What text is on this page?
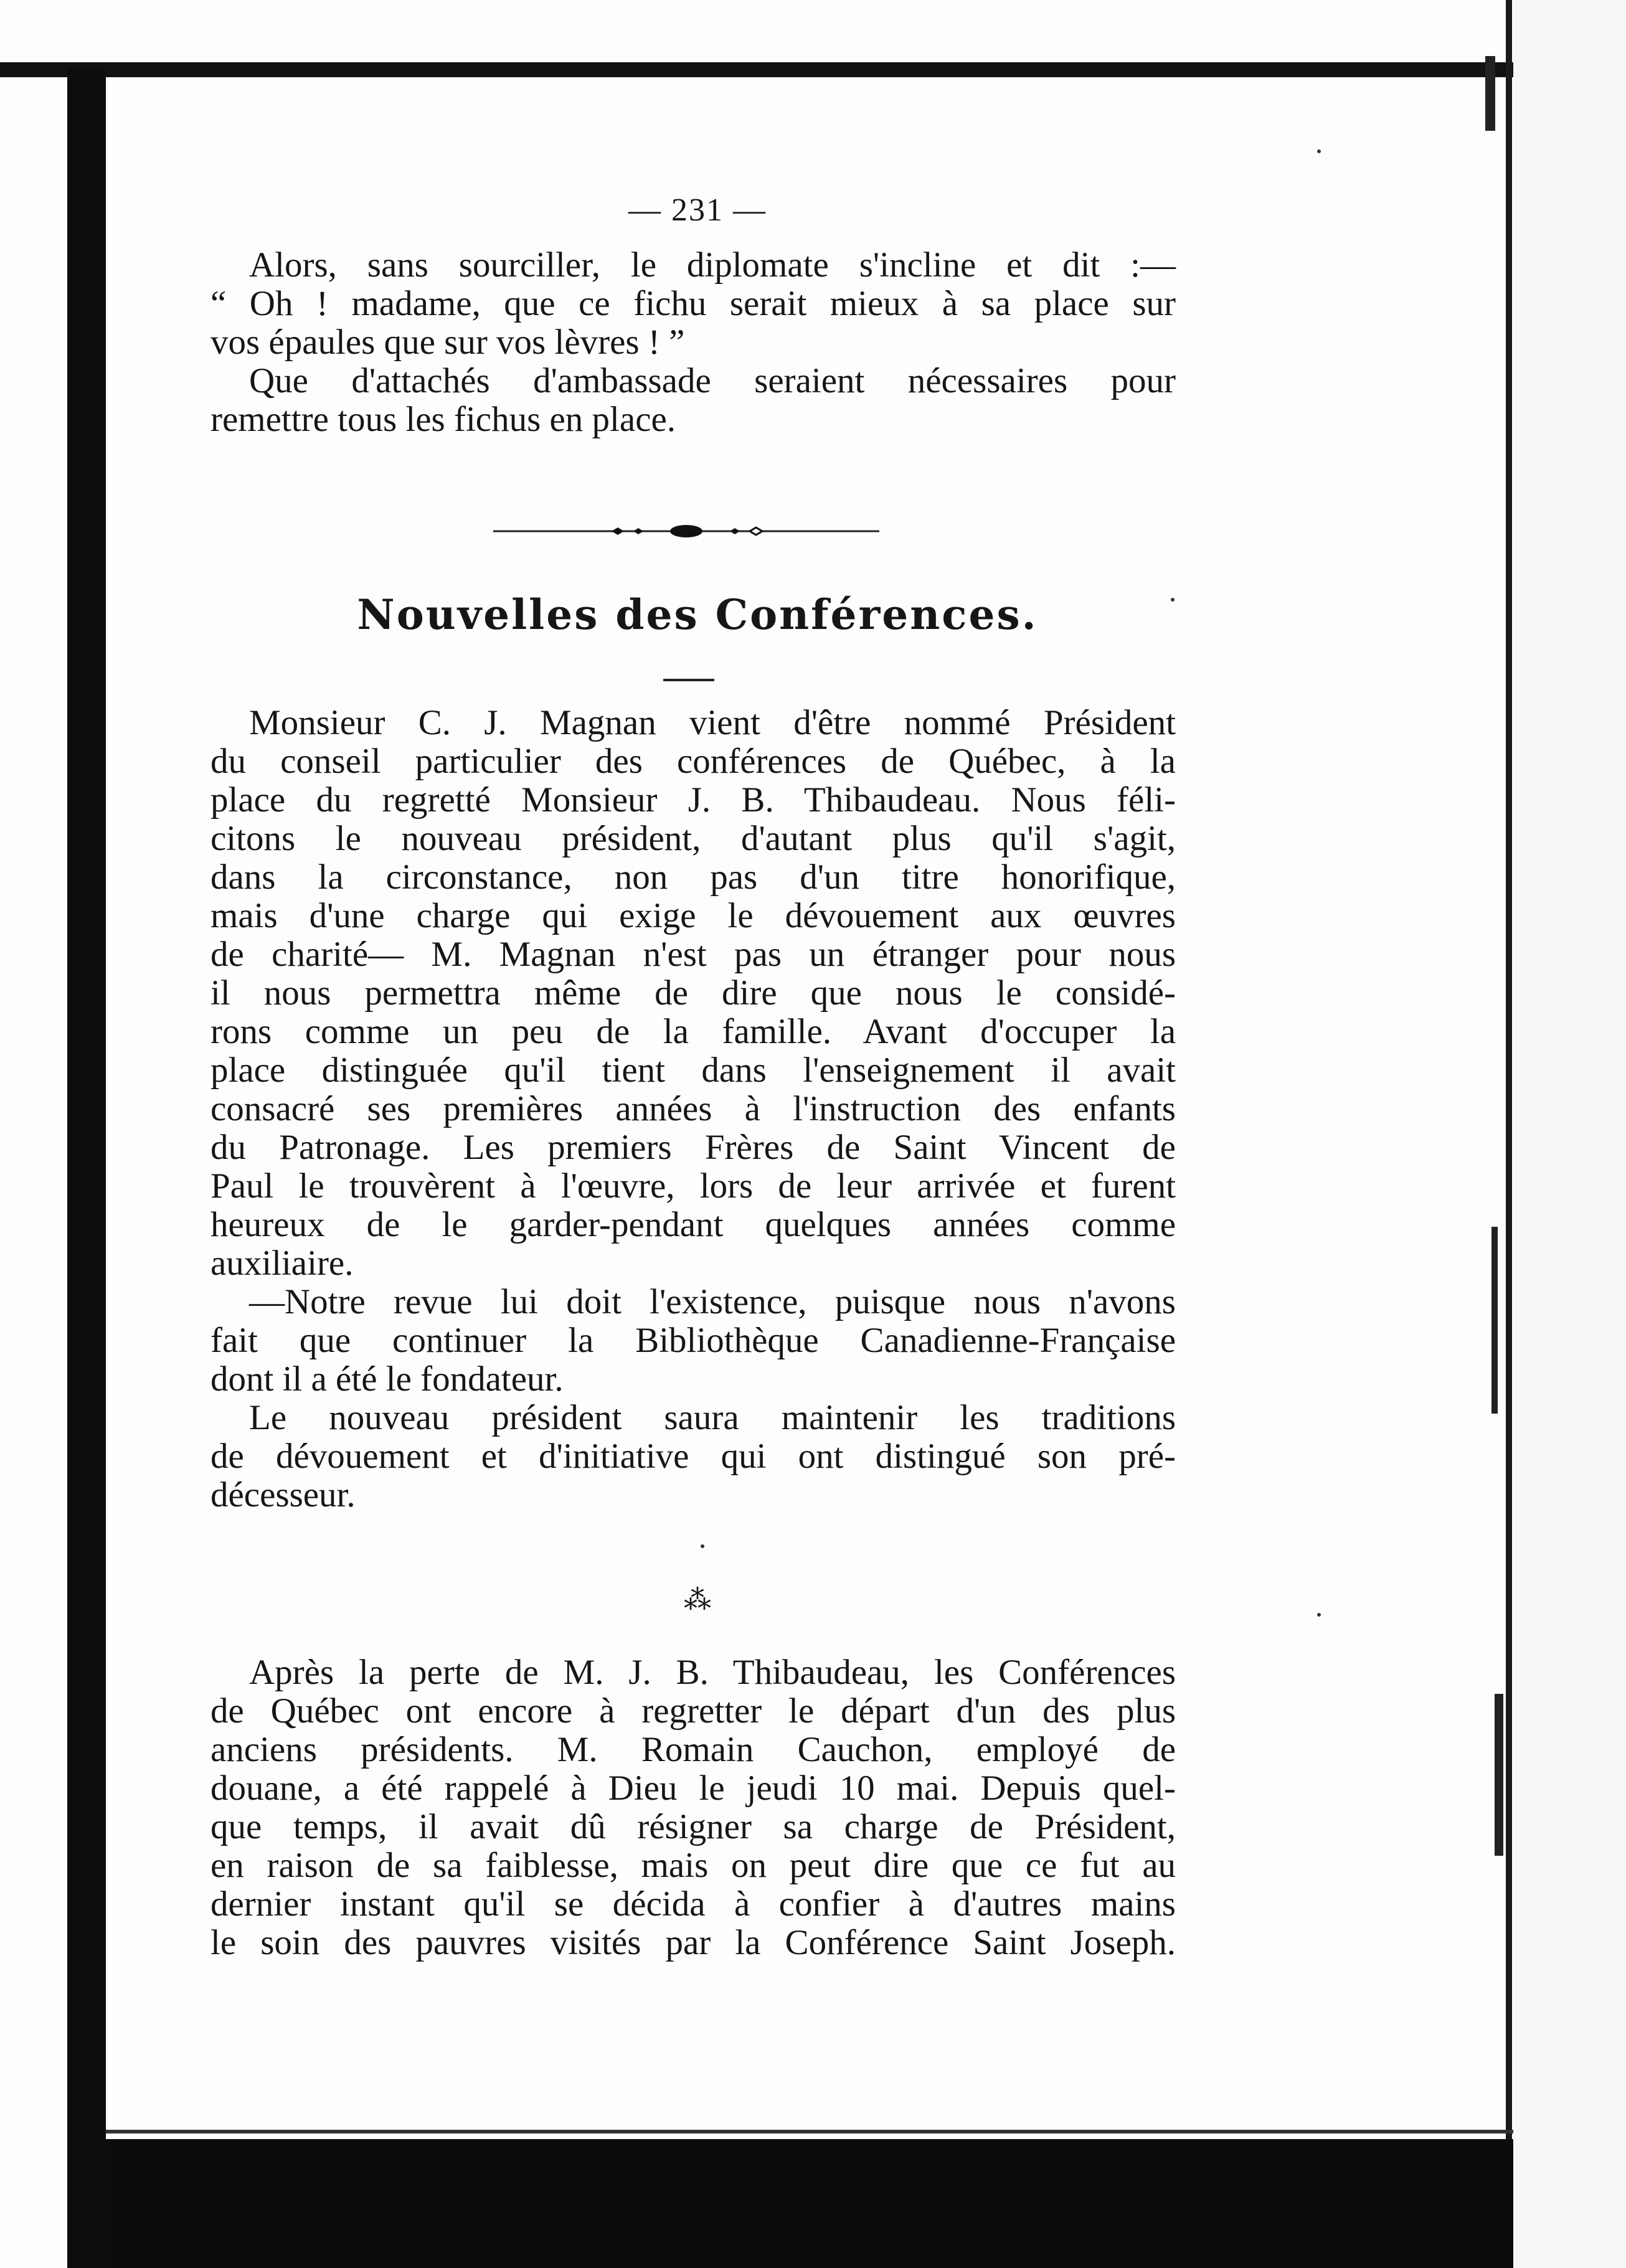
— 231 —
Alors, sans sourciller, le diplomate s'incline et dit :—
“ Oh ! madame, que ce fichu serait mieux à sa place sur
vos épaules que sur vos lèvres ! ”
Que d'attachés d'ambassade seraient nécessaires pour
remettre tous les fichus en place.
Nouvelles des Conférences.
Monsieur C. J. Magnan vient d'être nommé Président
du conseil particulier des conférences de Québec, à la
place du regretté Monsieur J. B. Thibaudeau. Nous féli-
citons le nouveau président, d'autant plus qu'il s'agit,
dans la circonstance, non pas d'un titre honorifique,
mais d'une charge qui exige le dévouement aux œuvres
de charité— M. Magnan n'est pas un étranger pour nous
il nous permettra même de dire que nous le considé-
rons comme un peu de la famille. Avant d'occuper la
place distinguée qu'il tient dans l'enseignement il avait
consacré ses premières années à l'instruction des enfants
du Patronage. Les premiers Frères de Saint Vincent de
Paul le trouvèrent à l'œuvre, lors de leur arrivée et furent
heureux de le garder-pendant quelques années comme
auxiliaire.
—Notre revue lui doit l'existence, puisque nous n'avons
fait que continuer la Bibliothèque Canadienne-Française
dont il a été le fondateur.
Le nouveau président saura maintenir les traditions
de dévouement et d'initiative qui ont distingué son pré-
décesseur.
⁂
Après la perte de M. J. B. Thibaudeau, les Conférences
de Québec ont encore à regretter le départ d'un des plus
anciens présidents. M. Romain Cauchon, employé de
douane, a été rappelé à Dieu le jeudi 10 mai. Depuis quel-
que temps, il avait dû résigner sa charge de Président,
en raison de sa faiblesse, mais on peut dire que ce fut au
dernier instant qu'il se décida à confier à d'autres mains
le soin des pauvres visités par la Conférence Saint Joseph.
